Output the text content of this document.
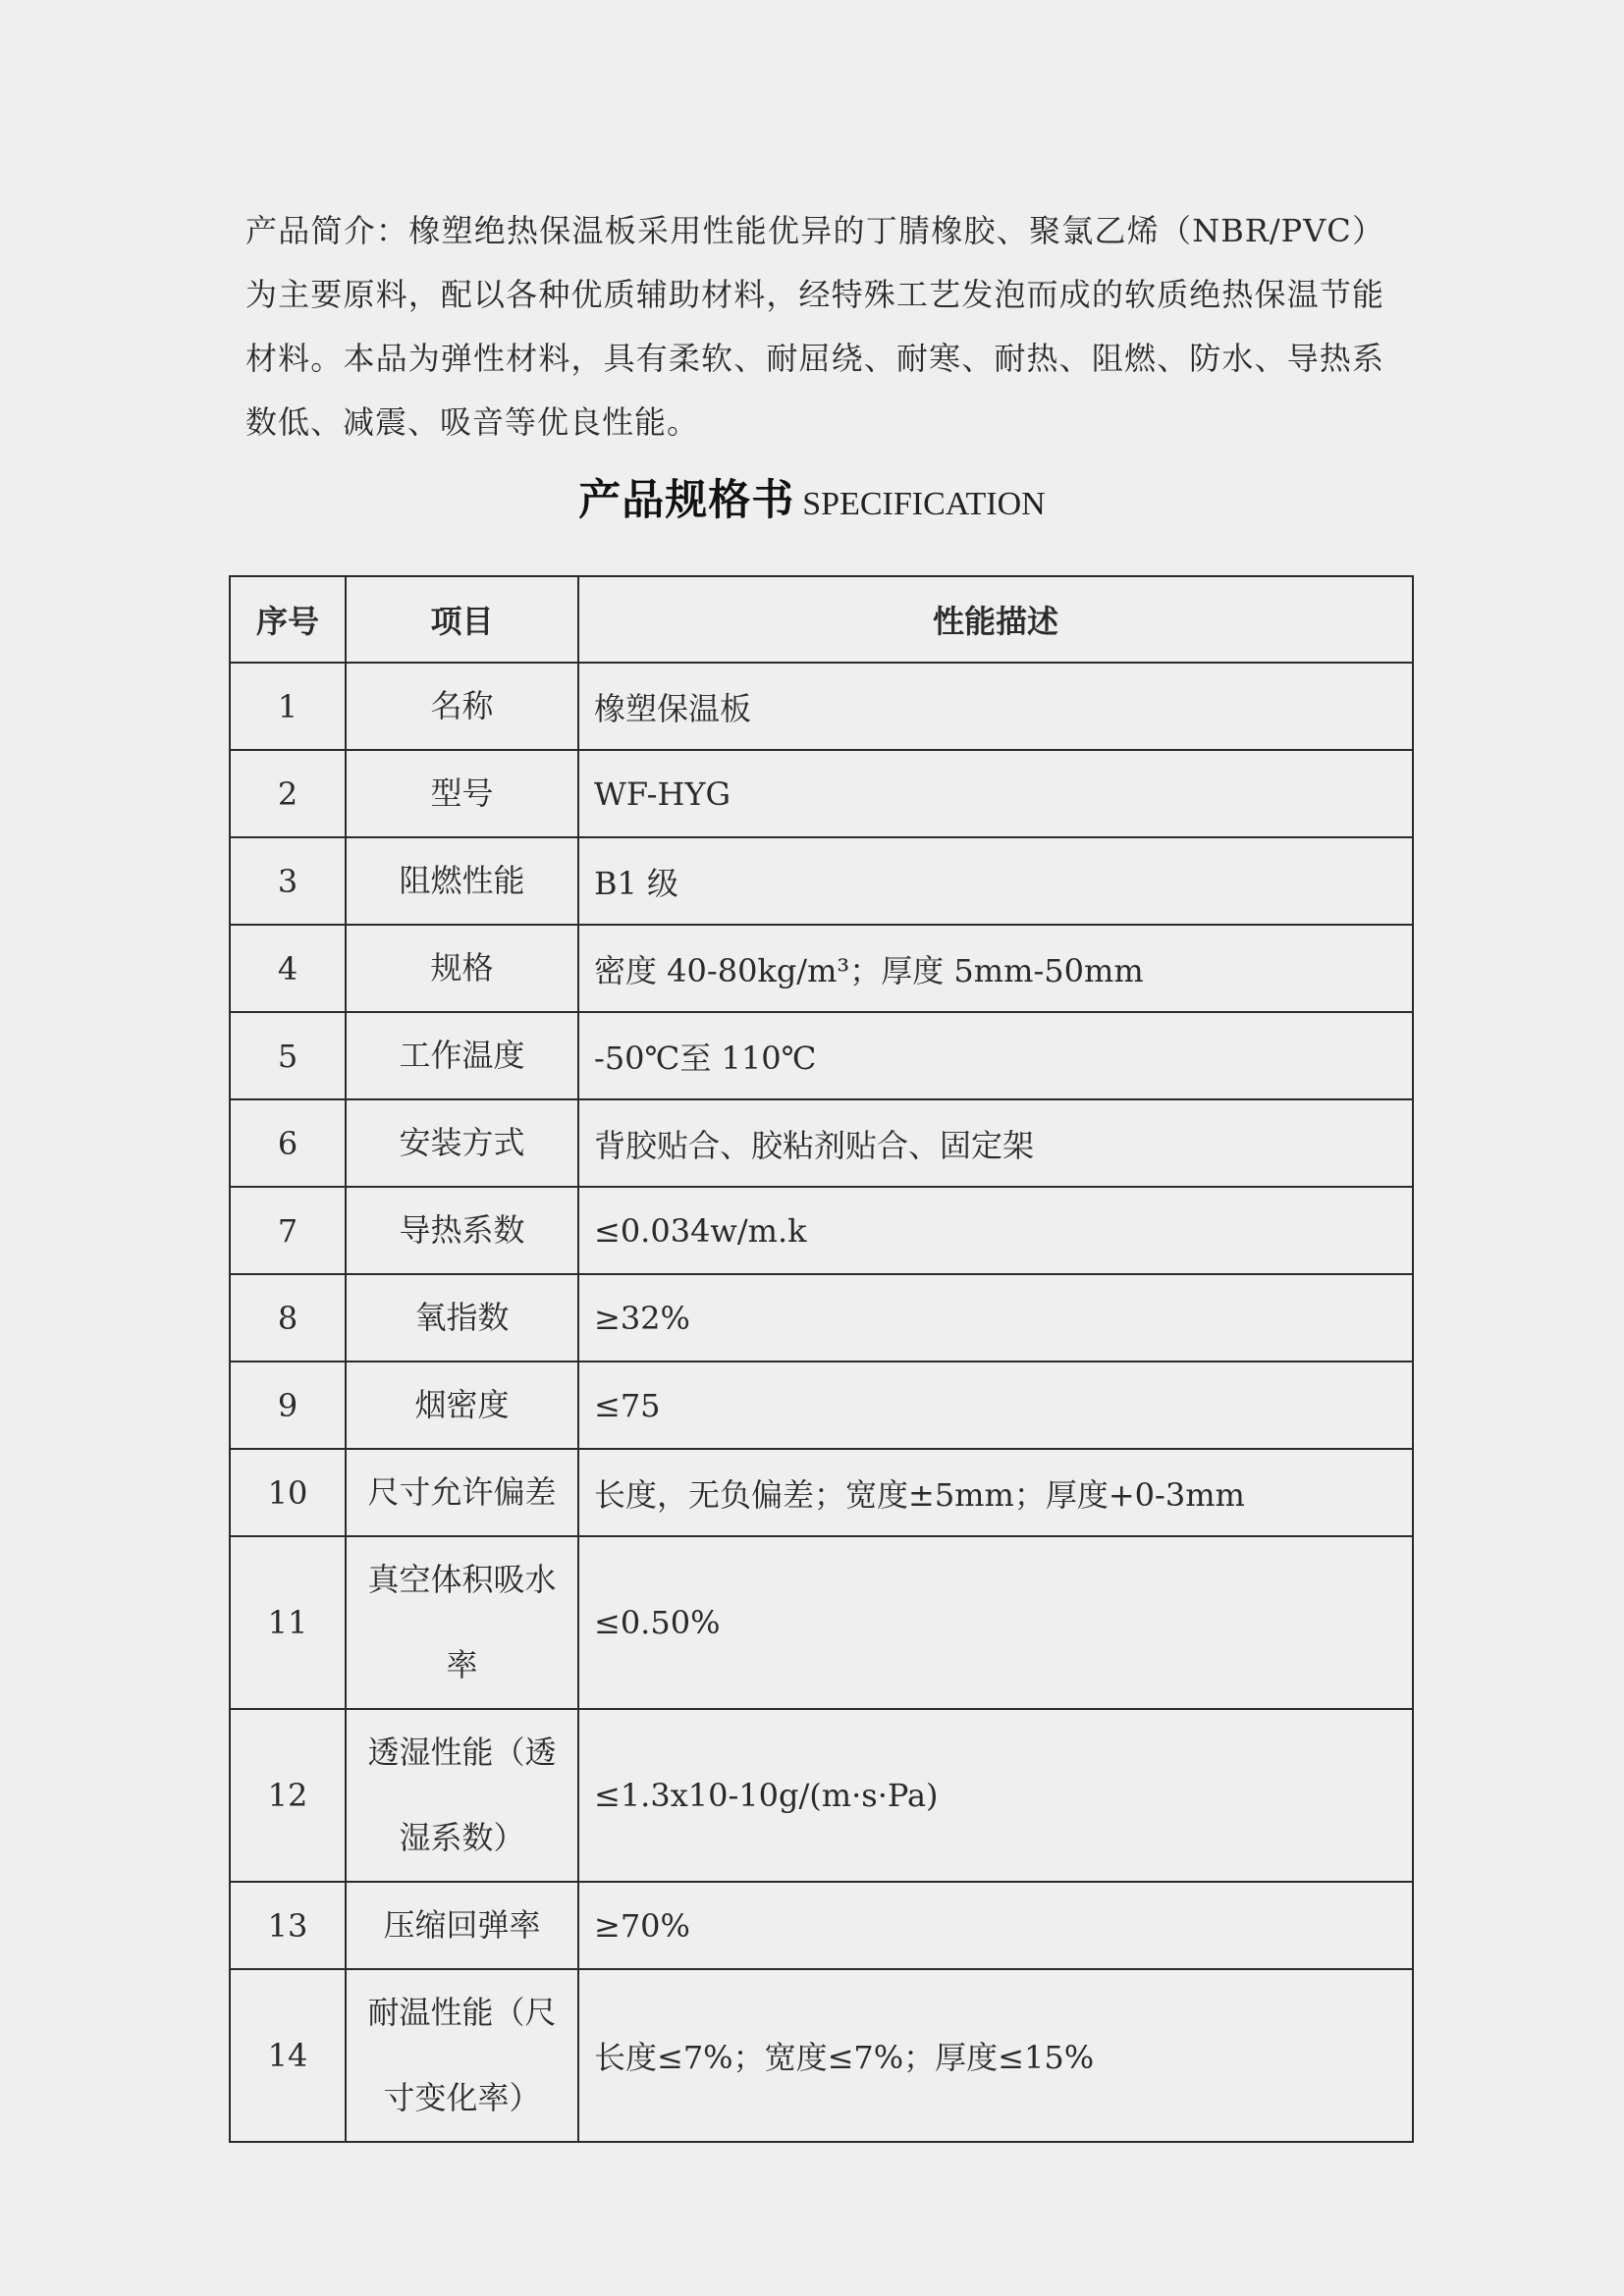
产品简介：橡塑绝热保温板采用性能优异的丁腈橡胶、聚氯乙烯（NBR/PVC）为主要原料，配以各种优质辅助材料，经特殊工艺发泡而成的软质绝热保温节能材料。本品为弹性材料，具有柔软、耐屈绕、耐寒、耐热、阻燃、防水、导热系数低、减震、吸音等优良性能。
产品规格书 SPECIFICATION
序号	项目	性能描述
1	名称	橡塑保温板
2	型号	WF-HYG
3	阻燃性能	B1 级
4	规格	密度 40-80kg/m³；厚度 5mm-50mm
5	工作温度	-50℃至 110℃
6	安装方式	背胶贴合、胶粘剂贴合、固定架
7	导热系数	≤0.034w/m.k
8	氧指数	≥32%
9	烟密度	≤75
10	尺寸允许偏差	长度，无负偏差；宽度±5mm；厚度+0-3mm
11	真空体积吸水率	≤0.50%
12	透湿性能（透湿系数）	≤1.3x10-10g/(m·s·Pa)
13	压缩回弹率	≥70%
14	耐温性能（尺寸变化率）	长度≤7%；宽度≤7%；厚度≤15%
